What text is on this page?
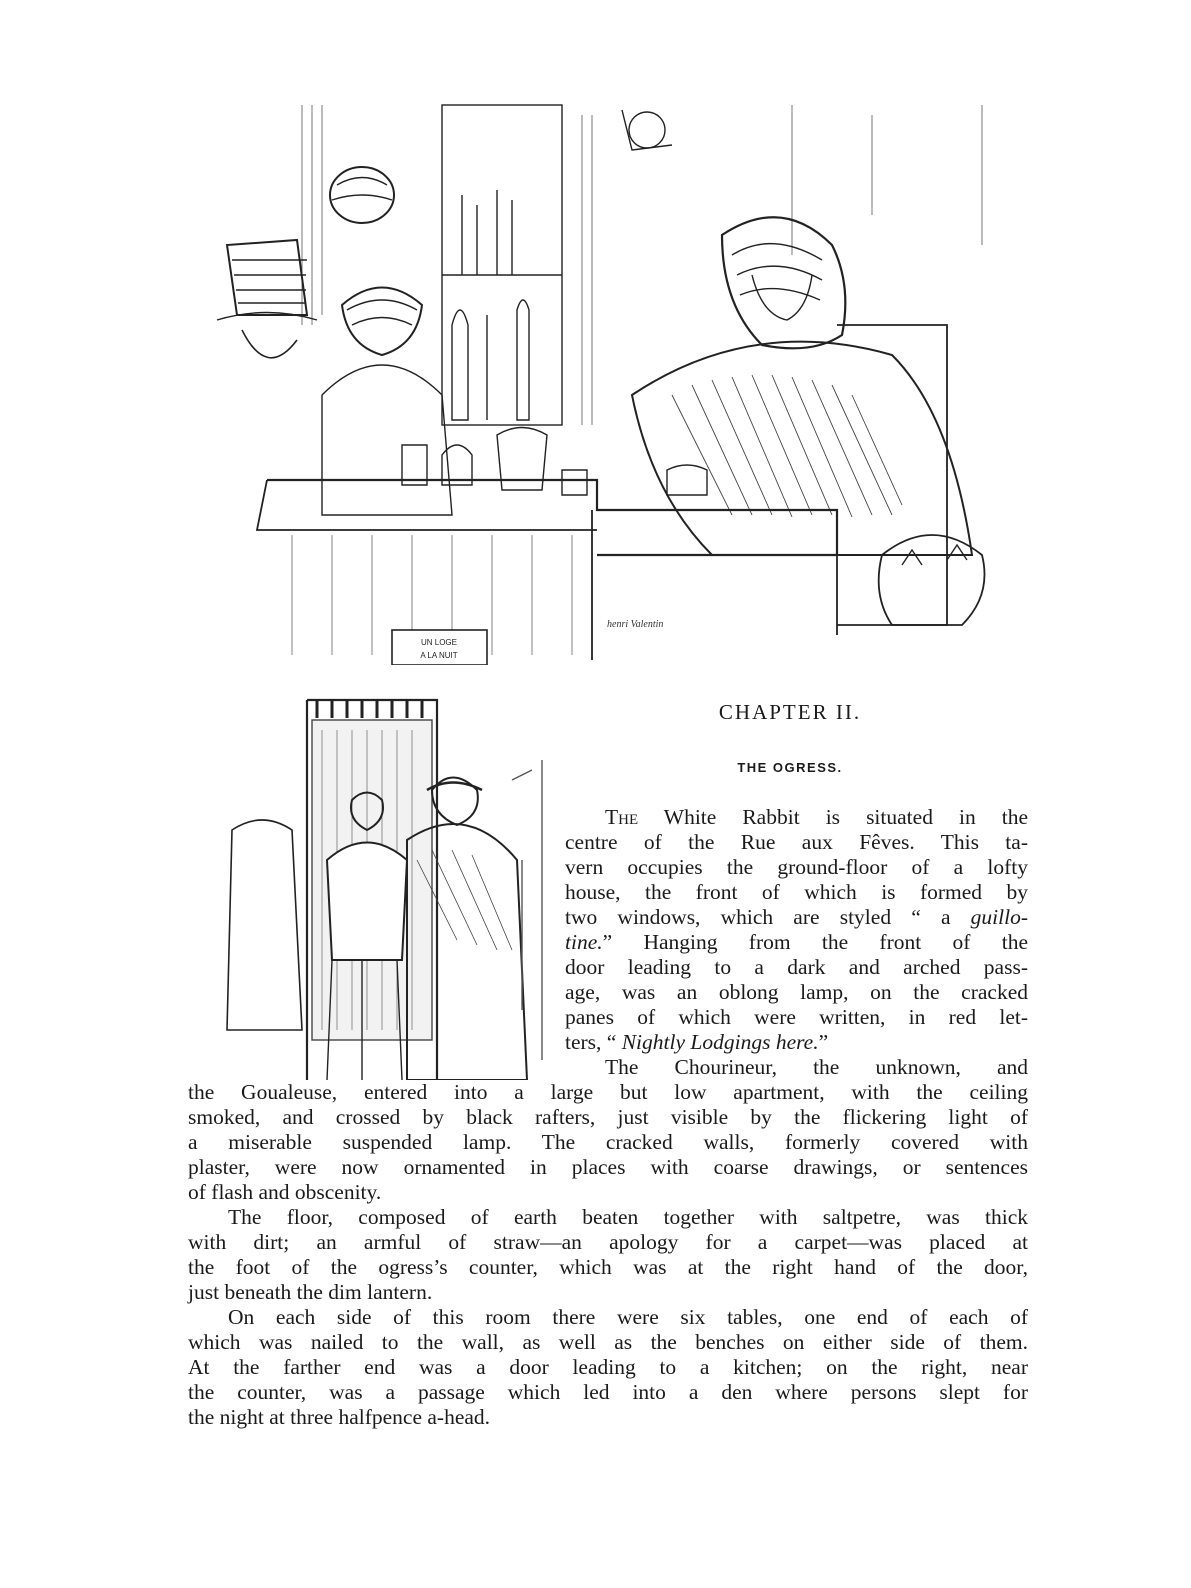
UN LOGE
A LA NUIT
henri Valentin
CHAPTER II.
THE OGRESS.
The White Rabbit is situated in the
centre of the Rue aux Fêves. This ta-
vern occupies the ground-floor of a lofty
house, the front of which is formed by
two windows, which are styled “ a guillo-
tine.” Hanging from the front of the
door leading to a dark and arched pass-
age, was an oblong lamp, on the cracked
panes of which were written, in red let-
ters, “ Nightly Lodgings here.”
The Chourineur, the unknown, and
the Goualeuse, entered into a large but low apartment, with the ceiling
smoked, and crossed by black rafters, just visible by the flickering light of
a miserable suspended lamp. The cracked walls, formerly covered with
plaster, were now ornamented in places with coarse drawings, or sentences
of flash and obscenity.
The floor, composed of earth beaten together with saltpetre, was thick
with dirt; an armful of straw—an apology for a carpet—was placed at
the foot of the ogress’s counter, which was at the right hand of the door,
just beneath the dim lantern.
On each side of this room there were six tables, one end of each of
which was nailed to the wall, as well as the benches on either side of them.
At the farther end was a door leading to a kitchen; on the right, near
the counter, was a passage which led into a den where persons slept for
the night at three halfpence a-head.
